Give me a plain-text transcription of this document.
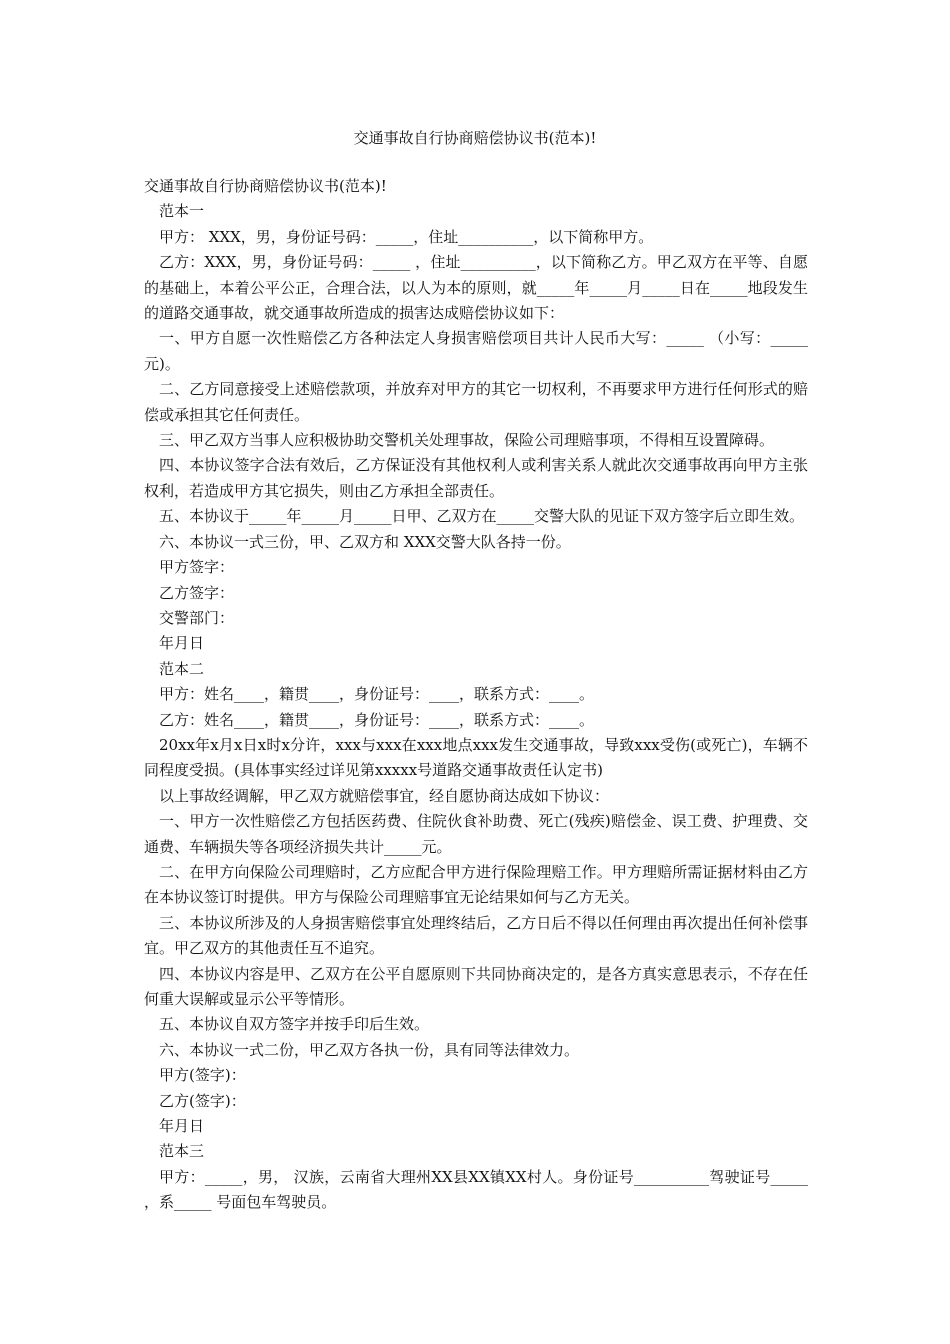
交通事故自行协商赔偿协议书(范本)!

交通事故自行协商赔偿协议书(范本)!

范本一

甲方： XXX，男，身份证号码：_____，住址__________，以下简称甲方。

乙方：XXX，男，身份证号码：_____ ，住址__________，以下简称乙方。甲乙双方在平等、自愿的基础上，本着公平公正，合理合法，以人为本的原则，就_____年_____月_____日在_____地段发生的道路交通事故，就交通事故所造成的损害达成赔偿协议如下：

一、甲方自愿一次性赔偿乙方各种法定人身损害赔偿项目共计人民币大写：_____ （小写：_____元)。

二、乙方同意接受上述赔偿款项，并放弃对甲方的其它一切权利，不再要求甲方进行任何形式的赔偿或承担其它任何责任。

三、甲乙双方当事人应积极协助交警机关处理事故，保险公司理赔事项，不得相互设置障碍。

四、本协议签字合法有效后，乙方保证没有其他权利人或利害关系人就此次交通事故再向甲方主张权利，若造成甲方其它损失，则由乙方承担全部责任。

五、本协议于_____年_____月_____日甲、乙双方在_____交警大队的见证下双方签字后立即生效。

六、本协议一式三份，甲、乙双方和 XXX交警大队各持一份。

甲方签字：

乙方签字：

交警部门：

年月日

范本二

甲方：姓名____，籍贯____，身份证号：____，联系方式：____。

乙方：姓名____，籍贯____，身份证号：____，联系方式：____。

20xx年x月x日x时x分许，xxx与xxx在xxx地点xxx发生交通事故，导致xxx受伤(或死亡)，车辆不同程度受损。(具体事实经过详见第xxxxx号道路交通事故责任认定书)

以上事故经调解，甲乙双方就赔偿事宜，经自愿协商达成如下协议：

一、甲方一次性赔偿乙方包括医药费、住院伙食补助费、死亡(残疾)赔偿金、误工费、护理费、交通费、车辆损失等各项经济损失共计_____元。

二、在甲方向保险公司理赔时，乙方应配合甲方进行保险理赔工作。甲方理赔所需证据材料由乙方在本协议签订时提供。甲方与保险公司理赔事宜无论结果如何与乙方无关。

三、本协议所涉及的人身损害赔偿事宜处理终结后，乙方日后不得以任何理由再次提出任何补偿事宜。甲乙双方的其他责任互不追究。

四、本协议内容是甲、乙双方在公平自愿原则下共同协商决定的，是各方真实意思表示，不存在任何重大误解或显示公平等情形。

五、本协议自双方签字并按手印后生效。

六、本协议一式二份，甲乙双方各执一份，具有同等法律效力。

甲方(签字)：

乙方(签字)：

年月日

范本三

甲方：_____，男， 汉族，云南省大理州XX县XX镇XX村人。身份证号__________驾驶证号_____ ，系_____ 号面包车驾驶员。
